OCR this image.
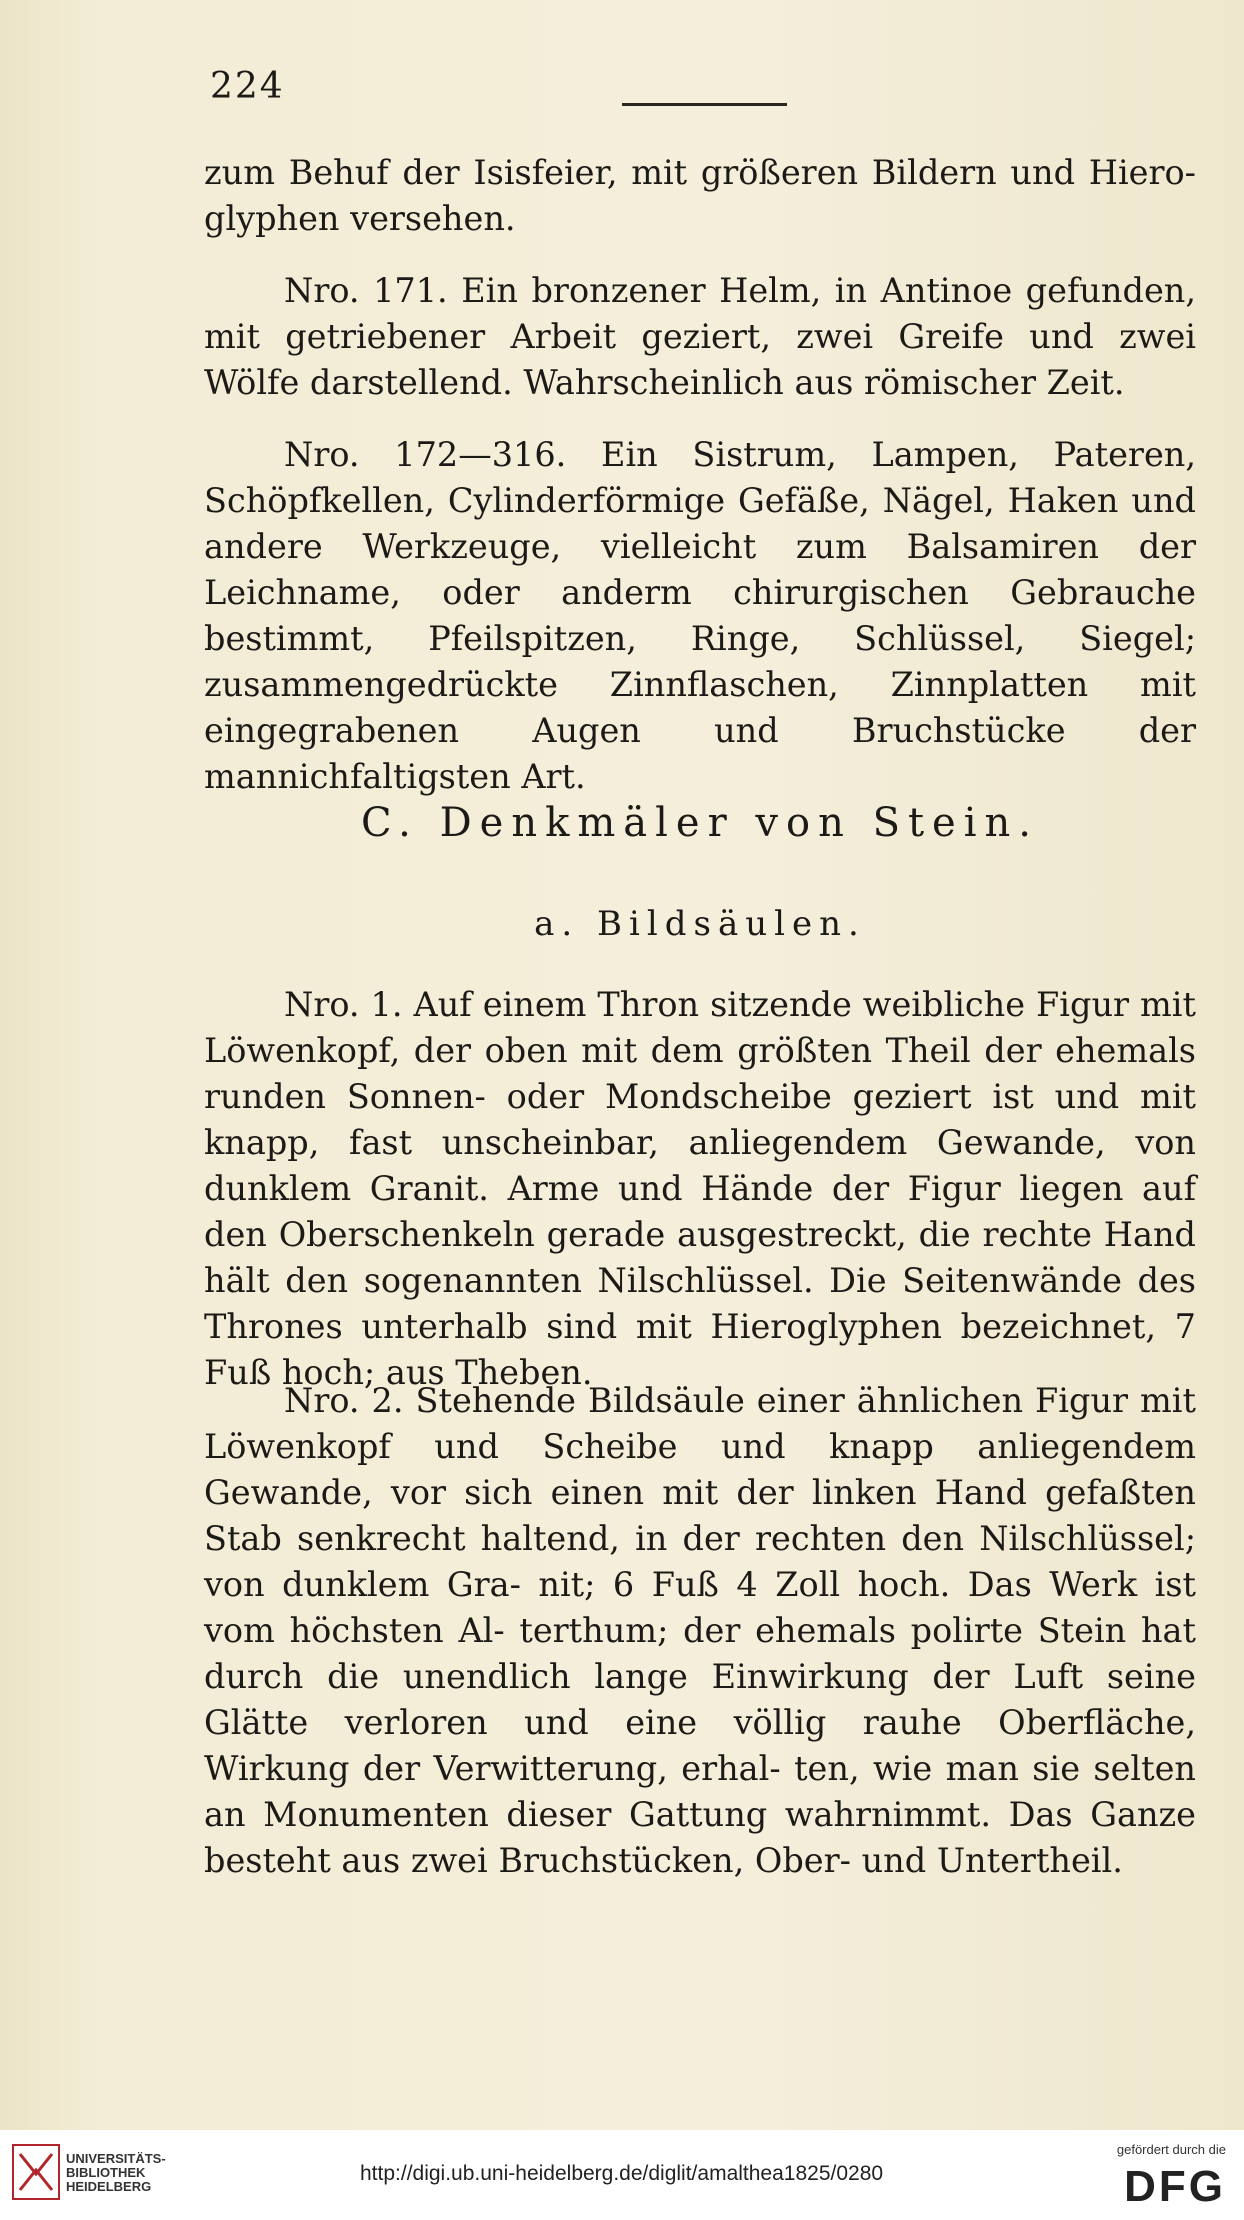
224

zum Behuf der Isisfeier, mit größeren Bildern und Hiero- glyphen versehen.

Nro. 171. Ein bronzener Helm, in Antinoe gefunden, mit getriebener Arbeit geziert, zwei Greife und zwei Wölfe darstellend. Wahrscheinlich aus römischer Zeit.

Nro. 172—316. Ein Sistrum, Lampen, Pateren, Schöpfkellen, Cylinderförmige Gefäße, Nägel, Haken und andere Werkzeuge, vielleicht zum Balsamiren der Leichname, oder anderm chirurgischen Gebrauche bestimmt, Pfeilspitzen, Ringe, Schlüssel, Siegel; zusammengedrückte Zinnflaschen, Zinnplatten mit eingegrabenen Augen und Bruchstücke der mannichfaltigsten Art.

C. Denkmäler von Stein.
a. Bildsäulen.

Nro. 1. Auf einem Thron sitzende weibliche Figur mit Löwenkopf, der oben mit dem größten Theil der ehemals runden Sonnen- oder Mondscheibe geziert ist und mit knapp, fast unscheinbar, anliegendem Gewande, von dunklem Granit. Arme und Hände der Figur liegen auf den Oberschenkeln gerade ausgestreckt, die rechte Hand hält den sogenannten Nilschlüssel. Die Seitenwände des Thrones unterhalb sind mit Hieroglyphen bezeichnet, 7 Fuß hoch; aus Theben.

Nro. 2. Stehende Bildsäule einer ähnlichen Figur mit Löwenkopf und Scheibe und knapp anliegendem Gewande, vor sich einen mit der linken Hand gefaßten Stab senkrecht haltend, in der rechten den Nilschlüssel; von dunklem Gra- nit; 6 Fuß 4 Zoll hoch. Das Werk ist vom höchsten Al- terthum; der ehemals polirte Stein hat durch die unendlich lange Einwirkung der Luft seine Glätte verloren und eine völlig rauhe Oberfläche, Wirkung der Verwitterung, erhal- ten, wie man sie selten an Monumenten dieser Gattung wahrnimmt. Das Ganze besteht aus zwei Bruchstücken, Ober- und Untertheil.

UNIVERSITÄTS-
BIBLIOTHEK
HEIDELBERG
http://digi.ub.uni-heidelberg.de/diglit/amalthea1825/0280
gefördert durch die
DFG
